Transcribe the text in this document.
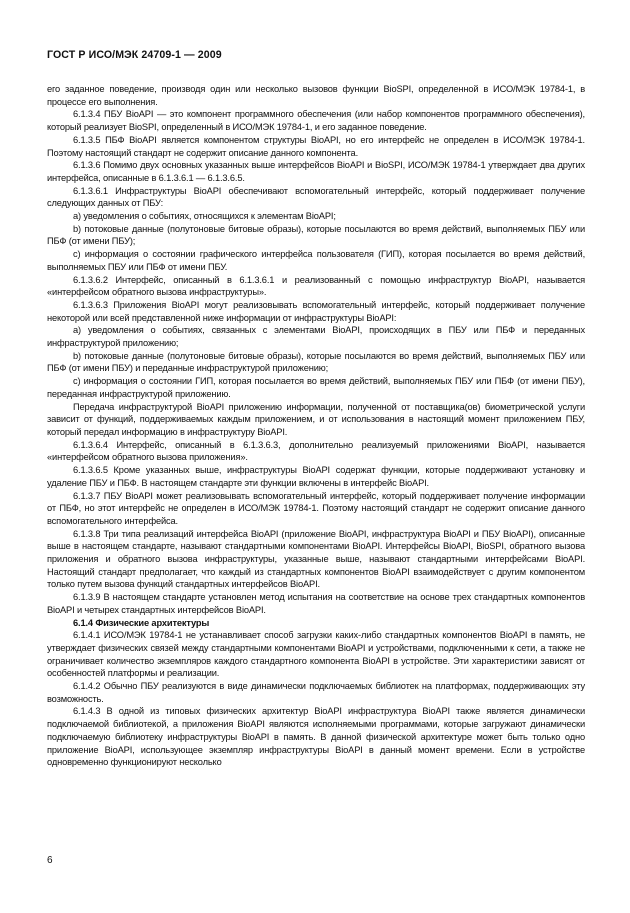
ГОСТ Р ИСО/МЭК 24709-1 — 2009

его заданное поведение, производя один или несколько вызовов функции BioSPI, определенной в ИСО/МЭК 19784-1, в процессе его выполнения.

6.1.3.4 ПБУ BioAPI — это компонент программного обеспечения (или набор компонентов программного обеспечения), который реализует BioSPI, определенный в ИСО/МЭК 19784-1, и его заданное поведение.

6.1.3.5 ПБФ BioAPI является компонентом структуры BioAPI, но его интерфейс не определен в ИСО/МЭК 19784-1. Поэтому настоящий стандарт не содержит описание данного компонента.

6.1.3.6 Помимо двух основных указанных выше интерфейсов BioAPI и BioSPI, ИСО/МЭК 19784-1 утверждает два других интерфейса, описанные в 6.1.3.6.1 — 6.1.3.6.5.

6.1.3.6.1 Инфраструктуры BioAPI обеспечивают вспомогательный интерфейс, который поддерживает получение следующих данных от ПБУ:

a) уведомления о событиях, относящихся к элементам BioAPI;

b) потоковые данные (полутоновые битовые образы), которые посылаются во время действий, выполняемых ПБУ или ПБФ (от имени ПБУ);

c) информация о состоянии графического интерфейса пользователя (ГИП), которая посылается во время действий, выполняемых ПБУ или ПБФ от имени ПБУ.

6.1.3.6.2 Интерфейс, описанный в 6.1.3.6.1 и реализованный с помощью инфраструктур BioAPI, называется «интерфейсом обратного вызова инфраструктуры».

6.1.3.6.3 Приложения BioAPI могут реализовывать вспомогательный интерфейс, который поддерживает получение некоторой или всей представленной ниже информации от инфраструктуры BioAPI:

a) уведомления о событиях, связанных с элементами BioAPI, происходящих в ПБУ или ПБФ и переданных инфраструктурой приложению;

b) потоковые данные (полутоновые битовые образы), которые посылаются во время действий, выполняемых ПБУ или ПБФ (от имени ПБУ) и переданные инфраструктурой приложению;

c) информация о состоянии ГИП, которая посылается во время действий, выполняемых ПБУ или ПБФ (от имени ПБУ), переданная инфраструктурой приложению.

Передача инфраструктурой BioAPI приложению информации, полученной от поставщика(ов) биометрической услуги зависит от функций, поддерживаемых каждым приложением, и от использования в настоящий момент приложением ПБУ, который передал информацию в инфраструктуру BioAPI.

6.1.3.6.4 Интерфейс, описанный в 6.1.3.6.3, дополнительно реализуемый приложениями BioAPI, называется «интерфейсом обратного вызова приложения».

6.1.3.6.5 Кроме указанных выше, инфраструктуры BioAPI содержат функции, которые поддерживают установку и удаление ПБУ и ПБФ. В настоящем стандарте эти функции включены в интерфейс BioAPI.

6.1.3.7 ПБУ BioAPI может реализовывать вспомогательный интерфейс, который поддерживает получение информации от ПБФ, но этот интерфейс не определен в ИСО/МЭК 19784-1. Поэтому настоящий стандарт не содержит описание данного вспомогательного интерфейса.

6.1.3.8 Три типа реализаций интерфейса BioAPI (приложение BioAPI, инфраструктура BioAPI и ПБУ BioAPI), описанные выше в настоящем стандарте, называют стандартными компонентами BioAPI. Интерфейсы BioAPI, BioSPI, обратного вызова приложения и обратного вызова инфраструктуры, указанные выше, называют стандартными интерфейсами BioAPI. Настоящий стандарт предполагает, что каждый из стандартных компонентов BioAPI взаимодействует с другим компонентом только путем вызова функций стандартных интерфейсов BioAPI.

6.1.3.9 В настоящем стандарте установлен метод испытания на соответствие на основе трех стандартных компонентов BioAPI и четырех стандартных интерфейсов BioAPI.

6.1.4 Физические архитектуры

6.1.4.1 ИСО/МЭК 19784-1 не устанавливает способ загрузки каких-либо стандартных компонентов BioAPI в память, не утверждает физических связей между стандартными компонентами BioAPI и устройствами, подключенными к сети, а также не ограничивает количество экземпляров каждого стандартного компонента BioAPI в устройстве. Эти характеристики зависят от особенностей платформы и реализации.

6.1.4.2 Обычно ПБУ реализуются в виде динамически подключаемых библиотек на платформах, поддерживающих эту возможность.

6.1.4.3 В одной из типовых физических архитектур BioAPI инфраструктура BioAPI также является динамически подключаемой библиотекой, а приложения BioAPI являются исполняемыми программами, которые загружают динамически подключаемую библиотеку инфраструктуры BioAPI в память. В данной физической архитектуре может быть только одно приложение BioAPI, использующее экземпляр инфраструктуры BioAPI в данный момент времени. Если в устройстве одновременно функционируют несколько

6
